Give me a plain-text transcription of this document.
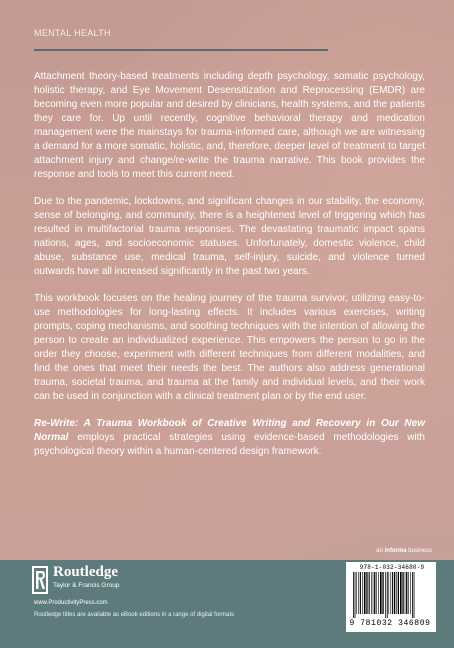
MENTAL HEALTH

Attachment theory-based treatments including depth psychology, somatic psychology, holistic therapy, and Eye Movement Desensitization and Reprocessing (EMDR) are becoming even more popular and desired by clinicians, health systems, and the patients they care for. Up until recently, cognitive behavioral therapy and medication management were the mainstays for trauma-informed care, although we are witnessing a demand for a more somatic, holistic, and, therefore, deeper level of treatment to target attachment injury and change/re-write the trauma narrative. This book provides the response and tools to meet this current need.

Due to the pandemic, lockdowns, and significant changes in our stability, the economy, sense of belonging, and community, there is a heightened level of triggering which has resulted in multifactorial trauma responses. The devastating traumatic impact spans nations, ages, and socioeconomic statuses. Unfortunately, domestic violence, child abuse, substance use, medical trauma, self-injury, suicide, and violence turned outwards have all increased significantly in the past two years.

This workbook focuses on the healing journey of the trauma survivor, utilizing easy-to-use methodologies for long-lasting effects. It includes various exercises, writing prompts, coping mechanisms, and soothing techniques with the intention of allowing the person to create an individualized experience. This empowers the person to go in the order they choose, experiment with different techniques from different modalities, and find the ones that meet their needs the best. The authors also address generational trauma, societal trauma, and trauma at the family and individual levels, and their work can be used in conjunction with a clinical treatment plan or by the end user.

Re-Write: A Trauma Workbook of Creative Writing and Recovery in Our New Normal employs practical strategies using evidence-based methodologies with psychological theory within a human-centered design framework.

an informa business
Routledge
Taylor & Francis Group
www.ProductivityPress.com
Routledge titles are available as eBook editions in a range of digital formats
978-1-032-34680-9
9 781032 346809
